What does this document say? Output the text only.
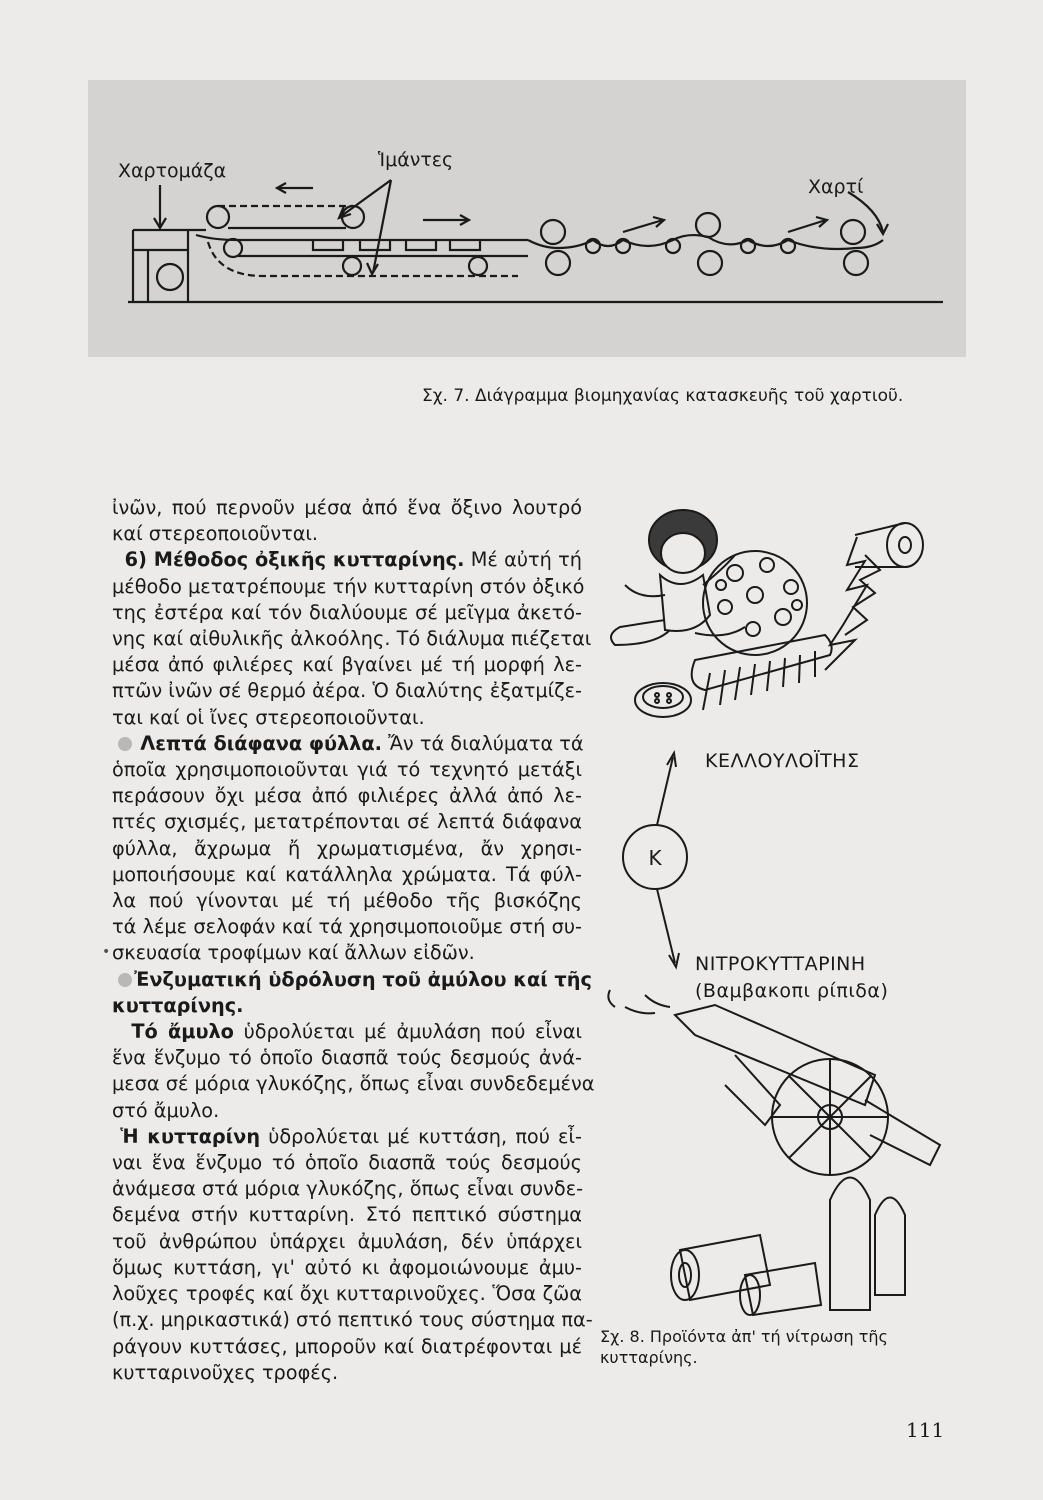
Χαρτομάζα	Ἱμάντες
Χαρτί
Σχ. 7. Διάγραμμα βιομηχανίας κατασκευῆς τοῦ χαρτιοῦ.
ἰνῶν, πού περνοῦν μέσα ἀπό ἕνα ὄξινο λουτρό
καί στερεοποιοῦνται.
6) Μέθοδος ὀξικῆς κυτταρίνης. Μέ αὐτή τή
μέθοδο μετατρέπουμε τήν κυτταρίνη στόν ὀξικό
της ἐστέρα καί τόν διαλύουμε σέ μεῖγμα ἀκετό-
νης καί αἰθυλικῆς ἀλκοόλης. Τό διάλυμα πιέζεται
μέσα ἀπό φιλιέρες καί βγαίνει μέ τή μορφή λε-
πτῶν ἰνῶν σέ θερμό ἀέρα. Ὁ διαλύτης ἐξατμίζε-
ται καί οἱ ἴνες στερεοποιοῦνται.
Λεπτά διάφανα φύλλα. Ἄν τά διαλύματα τά
ὁποῖα χρησιμοποιοῦνται γιά τό τεχνητό μετάξι
περάσουν ὄχι μέσα ἀπό φιλιέρες ἀλλά ἀπό λε-
πτές σχισμές, μετατρέπονται σέ λεπτά διάφανα
φύλλα, ἄχρωμα ἤ χρωματισμένα, ἄν χρησι-
μοποιήσουμε καί κατάλληλα χρώματα. Τά φύλ-
λα πού γίνονται μέ τή μέθοδο τῆς βισκόζης
τά λέμε σελοφάν καί τά χρησιμοποιοῦμε στή συ-
σκευασία τροφίμων καί ἄλλων εἰδῶν.
Ἐνζυματική ὑδρόλυση τοῦ ἀμύλου καί τῆς
κυτταρίνης.
Τό ἄμυλο ὑδρολύεται μέ ἀμυλάση πού εἶναι
ἕνα ἕνζυμο τό ὁποῖο διασπᾶ τούς δεσμούς ἀνά-
μεσα σέ μόρια γλυκόζης, ὅπως εἶναι συνδεδεμένα
στό ἄμυλο.
Ἡ κυτταρίνη ὑδρολύεται μέ κυττάση, πού εἶ-
ναι ἕνα ἕνζυμο τό ὁποῖο διασπᾶ τούς δεσμούς
ἀνάμεσα στά μόρια γλυκόζης, ὅπως εἶναι συνδε-
δεμένα στήν κυτταρίνη. Στό πεπτικό σύστημα
τοῦ ἀνθρώπου ὑπάρχει ἀμυλάση, δέν ὑπάρχει
ὅμως κυττάση, γι' αὐτό κι ἀφομοιώνουμε ἀμυ-
λοῦχες τροφές καί ὄχι κυτταρινοῦχες. Ὅσα ζῶα
(π.χ. μηρικαστικά) στό πεπτικό τους σύστημα πα-
ράγουν κυττάσες, μποροῦν καί διατρέφονται μέ
κυτταρινοῦχες τροφές.
•
Κ
ΚΕΛΛΟΥΛΟΪΤΗΣ
ΝΙΤΡΟΚΥΤΤΑΡΙΝΗ
(Βαμβακοπι ρίπιδα)
Σχ. 8. Προϊόντα ἀπ' τή νίτρωση τῆς
κυτταρίνης.
111
